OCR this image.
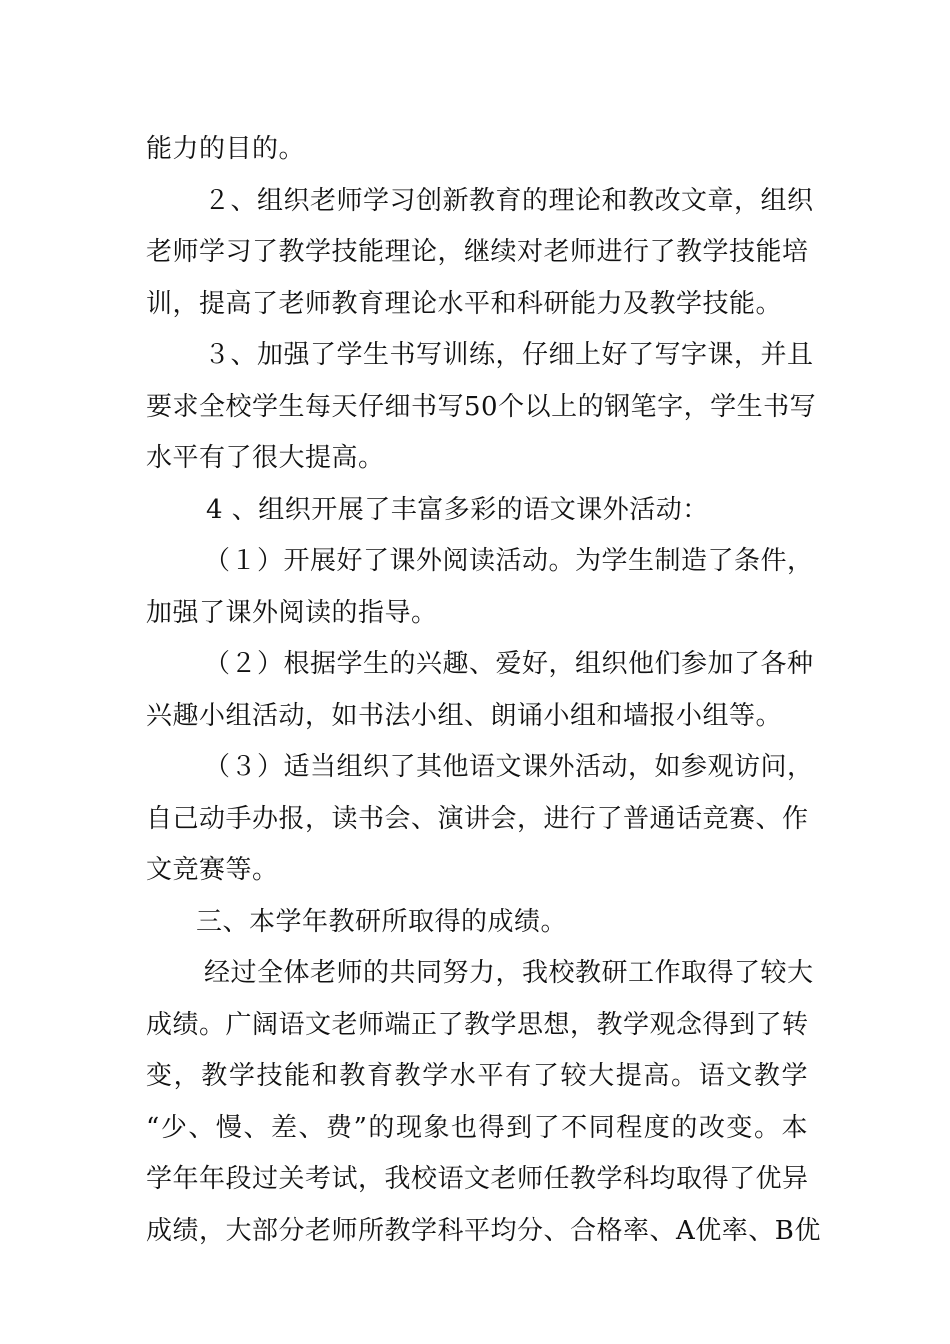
能力的目的。
２、组织老师学习创新教育的理论和教改文章，组织
老师学习了教学技能理论，继续对老师进行了教学技能培
训，提高了老师教育理论水平和科研能力及教学技能。
３、加强了学生书写训练，仔细上好了写字课，并且
要求全校学生每天仔细书写50个以上的钢笔字，学生书写
水平有了很大提高。
4 、组织开展了丰富多彩的语文课外活动：
（１）开展好了课外阅读活动。为学生制造了条件，
加强了课外阅读的指导。
（２）根据学生的兴趣、爱好，组织他们参加了各种
兴趣小组活动，如书法小组、朗诵小组和墙报小组等。
（３）适当组织了其他语文课外活动，如参观访问，
自己动手办报，读书会、演讲会，进行了普通话竞赛、作
文竞赛等。
三、本学年教研所取得的成绩。
经过全体老师的共同努力，我校教研工作取得了较大
成绩。广阔语文老师端正了教学思想，教学观念得到了转
变，教学技能和教育教学水平有了较大提高。语文教学
“少、慢、差、费”的现象也得到了不同程度的改变。本
学年年段过关考试，我校语文老师任教学科均取得了优异
成绩，大部分老师所教学科平均分、合格率、A优率、B优
